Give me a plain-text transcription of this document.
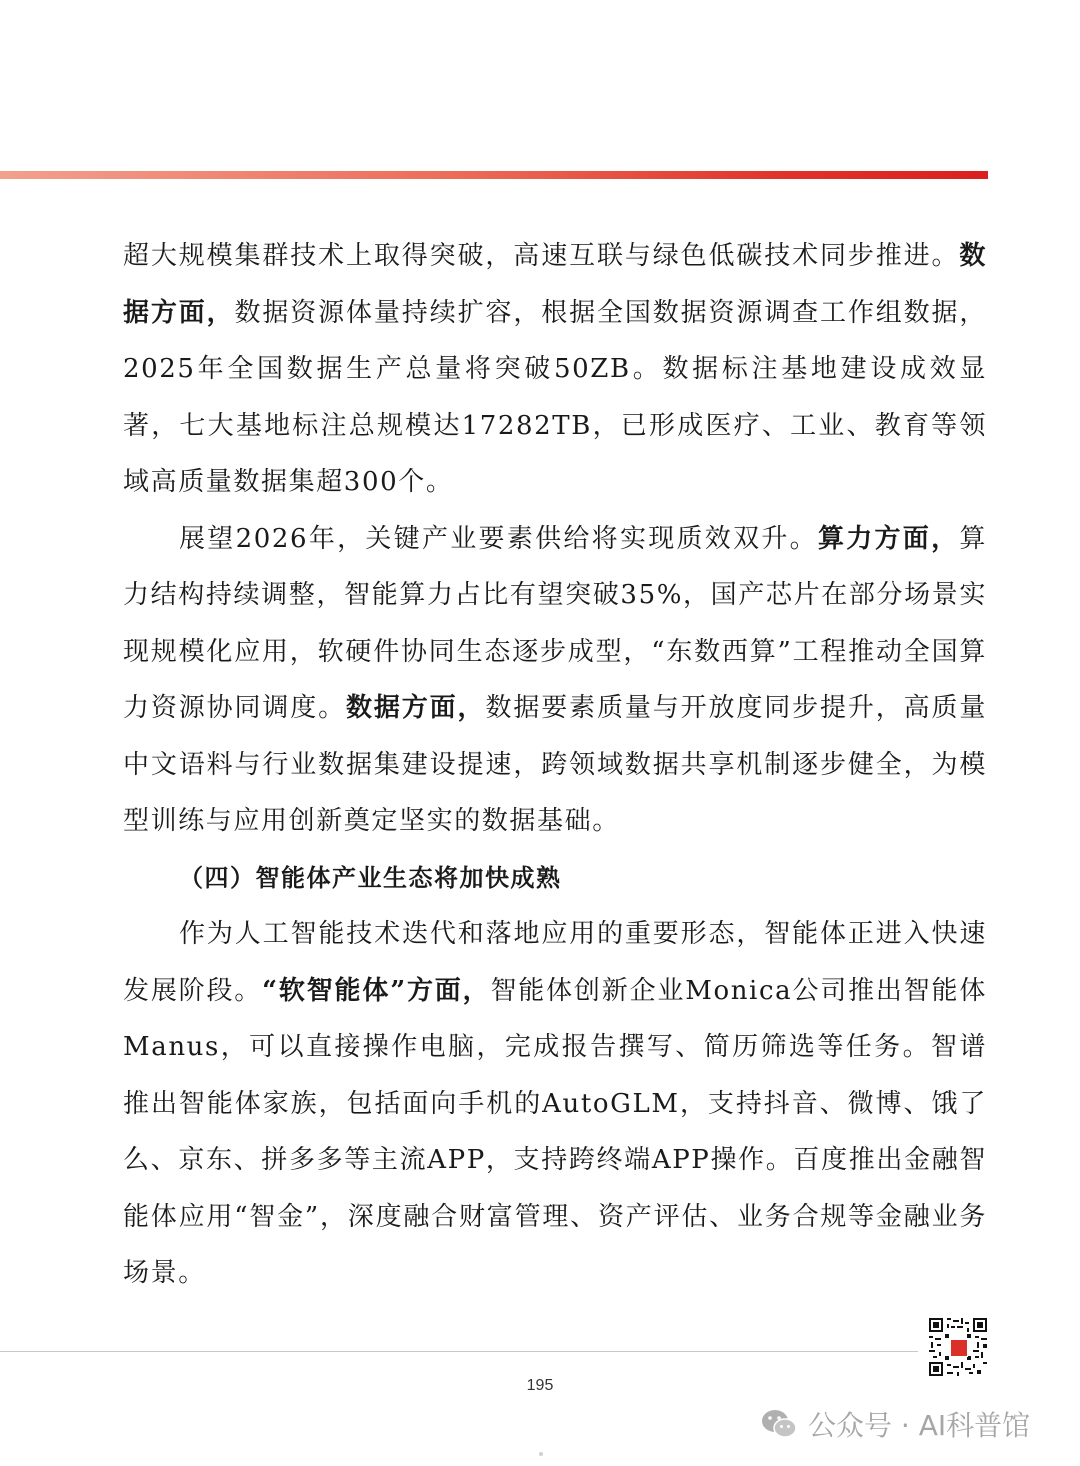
超大规模集群技术上取得突破，高速互联与绿色低碳技术同步推进。数据方面，数据资源体量持续扩容，根据全国数据资源调查工作组数据，2025年全国数据生产总量将突破50ZB。数据标注基地建设成效显著，七大基地标注总规模达17282TB，已形成医疗、工业、教育等领域高质量数据集超300个。

展望2026年，关键产业要素供给将实现质效双升。算力方面，算力结构持续调整，智能算力占比有望突破35%，国产芯片在部分场景实现规模化应用，软硬件协同生态逐步成型，“东数西算”工程推动全国算力资源协同调度。数据方面，数据要素质量与开放度同步提升，高质量中文语料与行业数据集建设提速，跨领域数据共享机制逐步健全，为模型训练与应用创新奠定坚实的数据基础。

（四）智能体产业生态将加快成熟

作为人工智能技术迭代和落地应用的重要形态，智能体正进入快速发展阶段。“软智能体”方面，智能体创新企业Monica公司推出智能体Manus，可以直接操作电脑，完成报告撰写、简历筛选等任务。智谱推出智能体家族，包括面向手机的AutoGLM，支持抖音、微博、饿了么、京东、拼多多等主流APP，支持跨终端APP操作。百度推出金融智能体应用“智金”，深度融合财富管理、资产评估、业务合规等金融业务场景。

195
公众号 · AI科普馆
